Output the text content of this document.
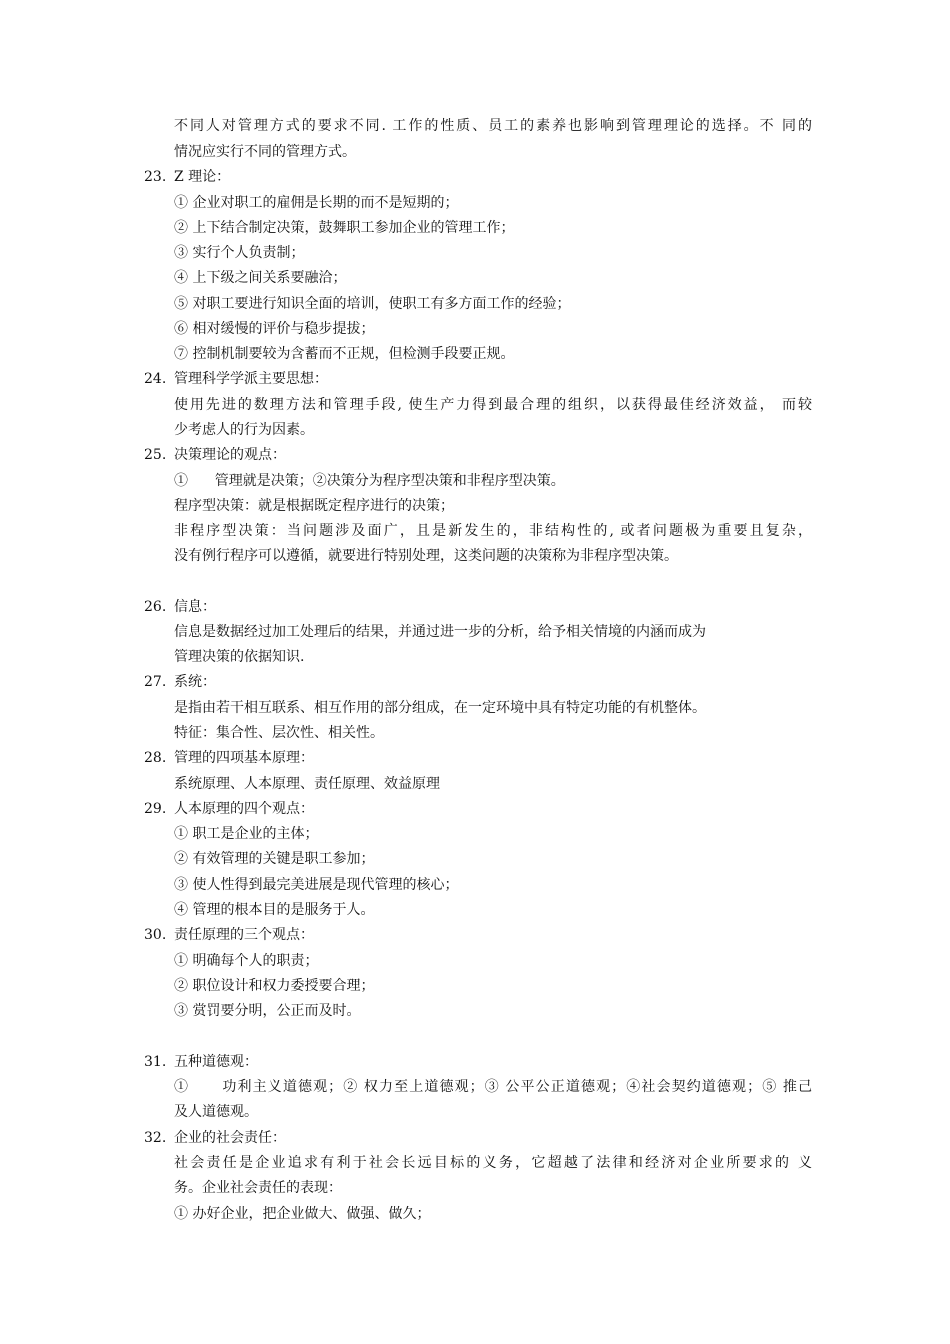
不同人对管理方式的要求不同. 工作的性质、员工的素养也影响到管理理论的选择。不 同的
情况应实行不同的管理方式。
23. Z 理论：
① 企业对职工的雇佣是长期的而不是短期的；
② 上下结合制定决策，鼓舞职工参加企业的管理工作；
③ 实行个人负责制；
④ 上下级之间关系要融洽；
⑤ 对职工要进行知识全面的培训，使职工有多方面工作的经验；
⑥ 相对缓慢的评价与稳步提拔；
⑦ 控制机制要较为含蓄而不正规，但检测手段要正规。
24. 管理科学学派主要思想：
使用先进的数理方法和管理手段, 使生产力得到最合理的组织，以获得最佳经济效益， 而较
少考虑人的行为因素。
25. 决策理论的观点：
①      管理就是决策；②决策分为程序型决策和非程序型决策。
程序型决策：就是根据既定程序进行的决策；
非程序型决策：当问题涉及面广，且是新发生的，非结构性的, 或者问题极为重要且复杂，
没有例行程序可以遵循，就要进行特别处理，这类问题的决策称为非程序型决策。
26. 信息：
信息是数据经过加工处理后的结果，并通过进一步的分析，给予相关情境的内涵而成为
管理决策的依据知识.
27. 系统：
是指由若干相互联系、相互作用的部分组成，在一定环境中具有特定功能的有机整体。
特征：集合性、层次性、相关性。
28. 管理的四项基本原理：
系统原理、人本原理、责任原理、效益原理
29. 人本原理的四个观点：
① 职工是企业的主体；
② 有效管理的关键是职工参加；
③ 使人性得到最完美进展是现代管理的核心；
④ 管理的根本目的是服务于人。
30. 责任原理的三个观点：
① 明确每个人的职责；
② 职位设计和权力委授要合理；
③ 赏罚要分明，公正而及时。
31. 五种道德观：
①      功利主义道德观；② 权力至上道德观；③ 公平公正道德观；④社会契约道德观；⑤ 推己
及人道德观。
32. 企业的社会责任：
社会责任是企业追求有利于社会长远目标的义务，它超越了法律和经济对企业所要求的 义
务。企业社会责任的表现：
① 办好企业，把企业做大、做强、做久；
